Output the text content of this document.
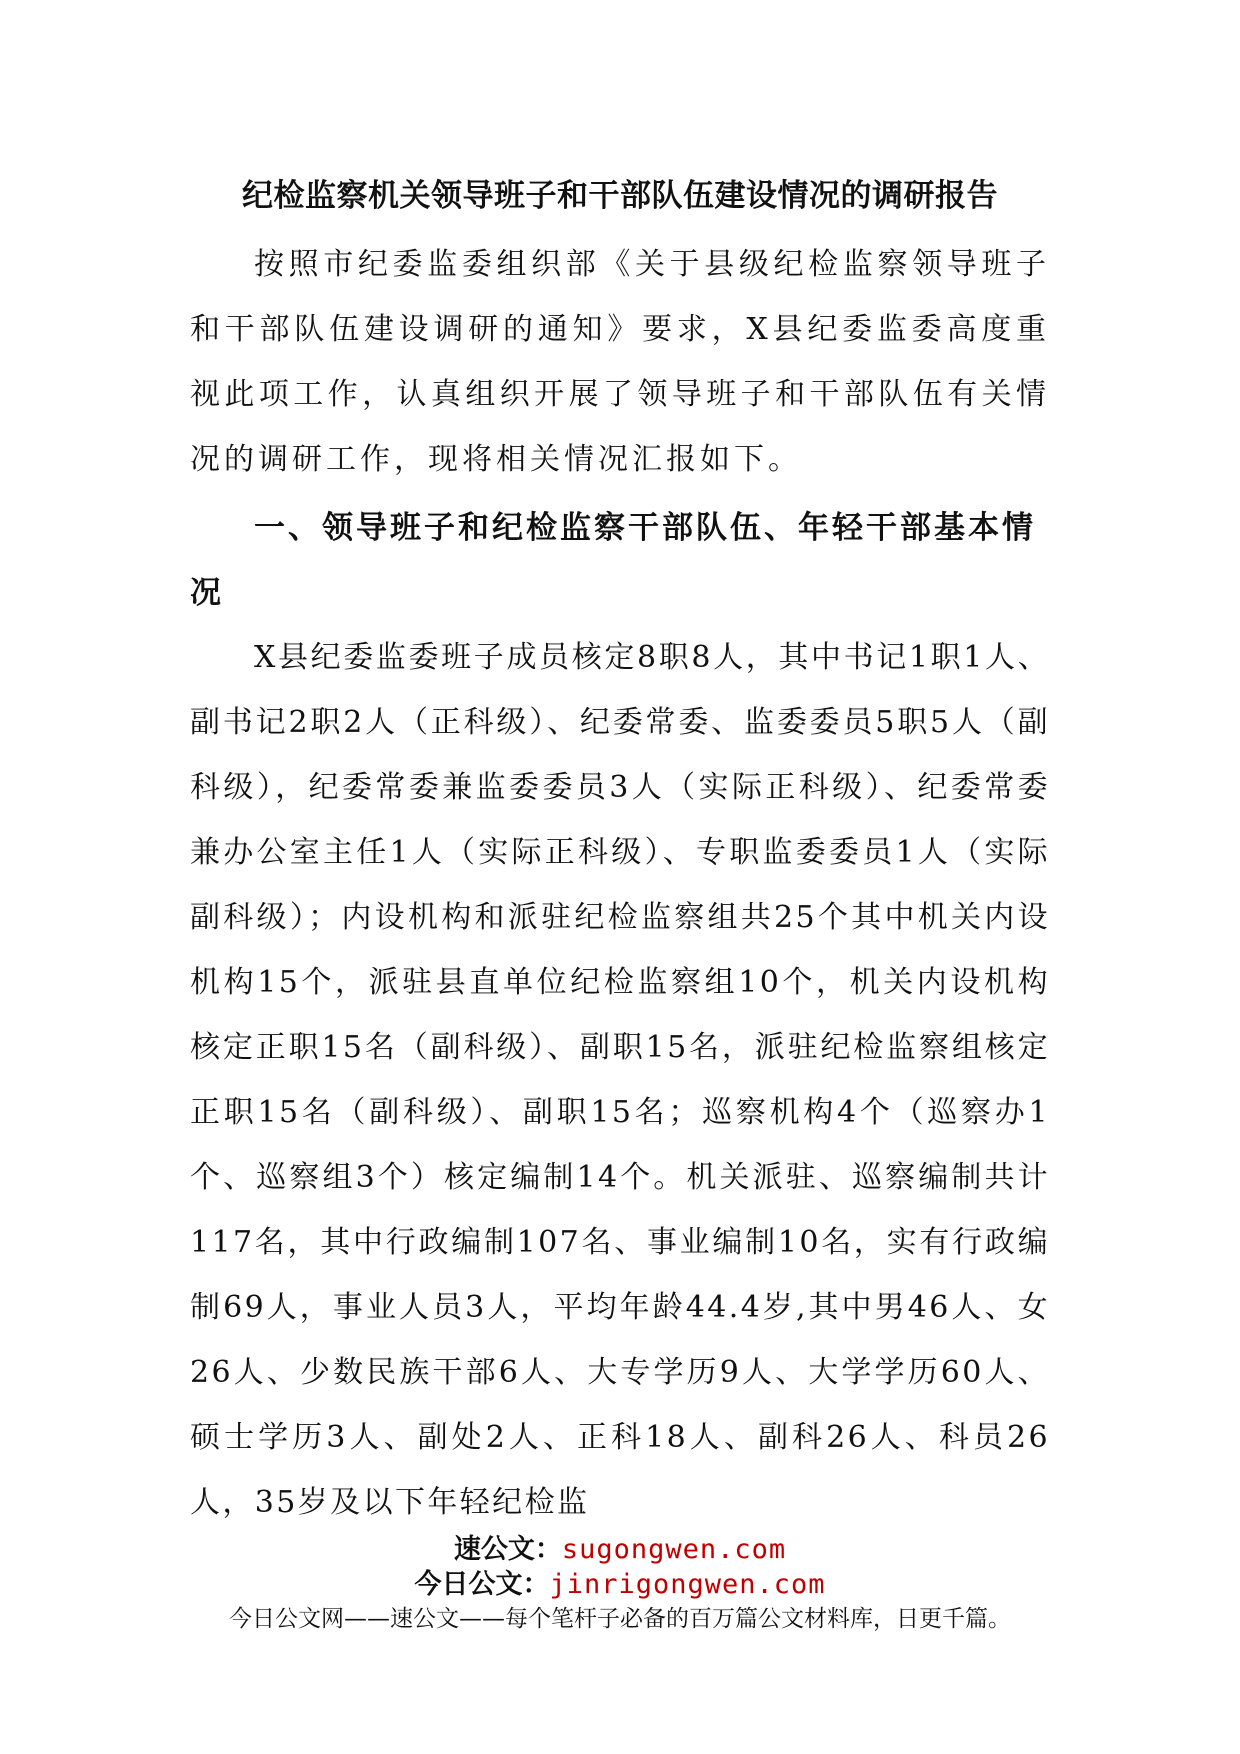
纪检监察机关领导班子和干部队伍建设情况的调研报告
按照市纪委监委组织部《关于县级纪检监察领导班子和干部队伍建设调研的通知》要求，X县纪委监委高度重视此项工作，认真组织开展了领导班子和干部队伍有关情况的调研工作，现将相关情况汇报如下。
一、领导班子和纪检监察干部队伍、年轻干部基本情况
X县纪委监委班子成员核定8职8人，其中书记1职1人、副书记2职2人（正科级）、纪委常委、监委委员5职5人（副科级），纪委常委兼监委委员3人（实际正科级）、纪委常委兼办公室主任1人（实际正科级）、专职监委委员1人（实际副科级）；内设机构和派驻纪检监察组共25个其中机关内设机构15个，派驻县直单位纪检监察组10个，机关内设机构核定正职15名（副科级）、副职15名，派驻纪检监察组核定正职15名（副科级）、副职15名；巡察机构4个（巡察办1个、巡察组3个）核定编制14个。机关派驻、巡察编制共计117名，其中行政编制107名、事业编制10名，实有行政编制69人，事业人员3人，平均年龄44.4岁,其中男46人、女26人、少数民族干部6人、大专学历9人、大学学历60人、硕士学历3人、副处2人、正科18人、副科26人、科员26人，35岁及以下年轻纪检监
速公文：sugongwen.com
今日公文：jinrigongwen.com
今日公文网——速公文——每个笔杆子必备的百万篇公文材料库，日更千篇。
